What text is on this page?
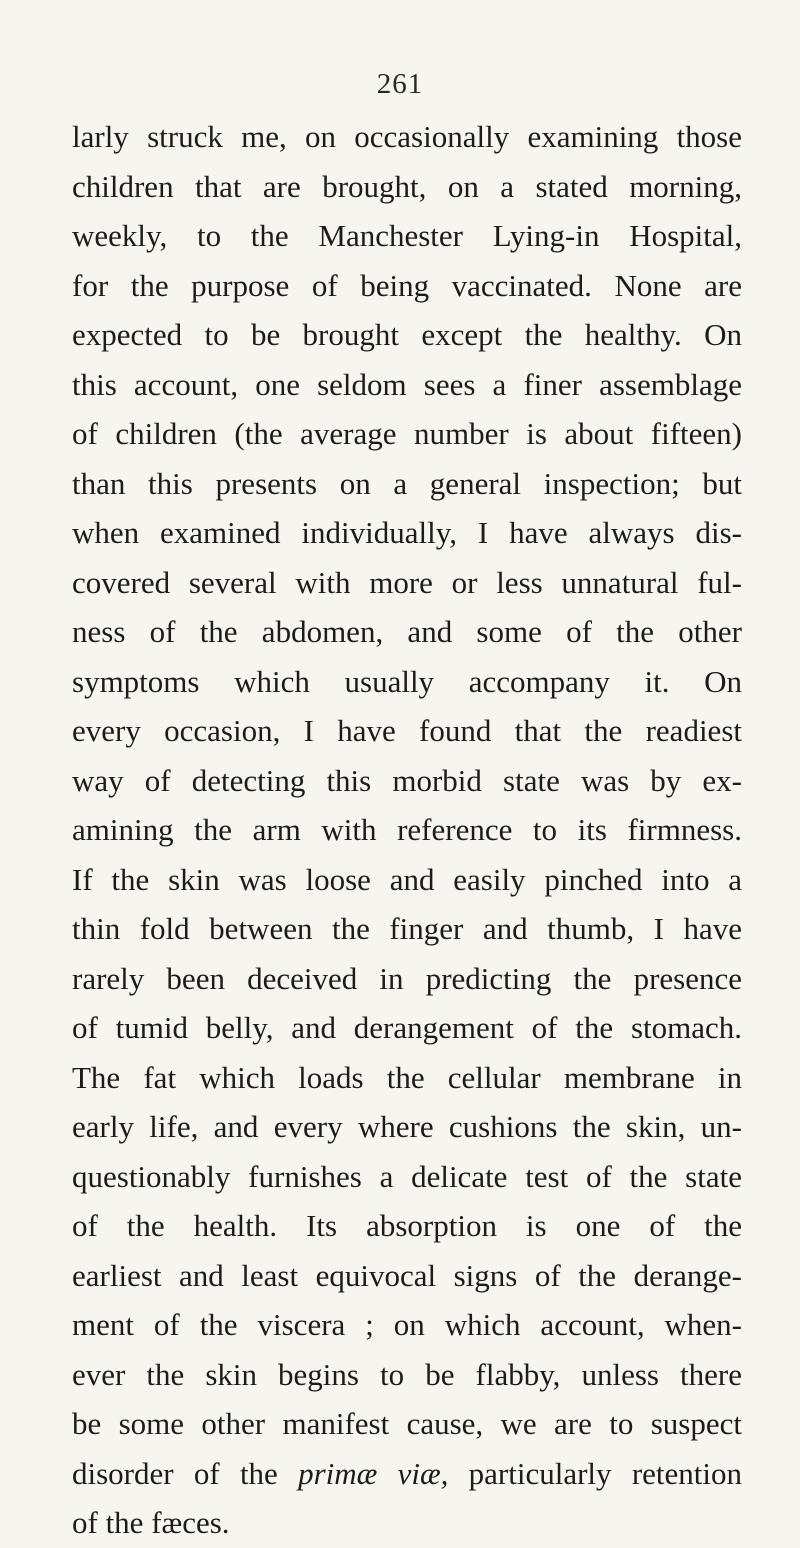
261
larly struck me, on occasionally examining those
children that are brought, on a stated morning,
weekly, to the Manchester Lying-in Hospital,
for the purpose of being vaccinated. None are
expected to be brought except the healthy. On
this account, one seldom sees a finer assemblage
of children (the average number is about fifteen)
than this presents on a general inspection; but
when examined individually, I have always dis-
covered several with more or less unnatural ful-
ness of the abdomen, and some of the other
symptoms which usually accompany it. On
every occasion, I have found that the readiest
way of detecting this morbid state was by ex-
amining the arm with reference to its firmness.
If the skin was loose and easily pinched into a
thin fold between the finger and thumb, I have
rarely been deceived in predicting the presence
of tumid belly, and derangement of the stomach.
The fat which loads the cellular membrane in
early life, and every where cushions the skin, un-
questionably furnishes a delicate test of the state
of the health. Its absorption is one of the
earliest and least equivocal signs of the derange-
ment of the viscera ; on which account, when-
ever the skin begins to be flabby, unless there
be some other manifest cause, we are to suspect
disorder of the primæ viæ, particularly retention
of the fæces.
